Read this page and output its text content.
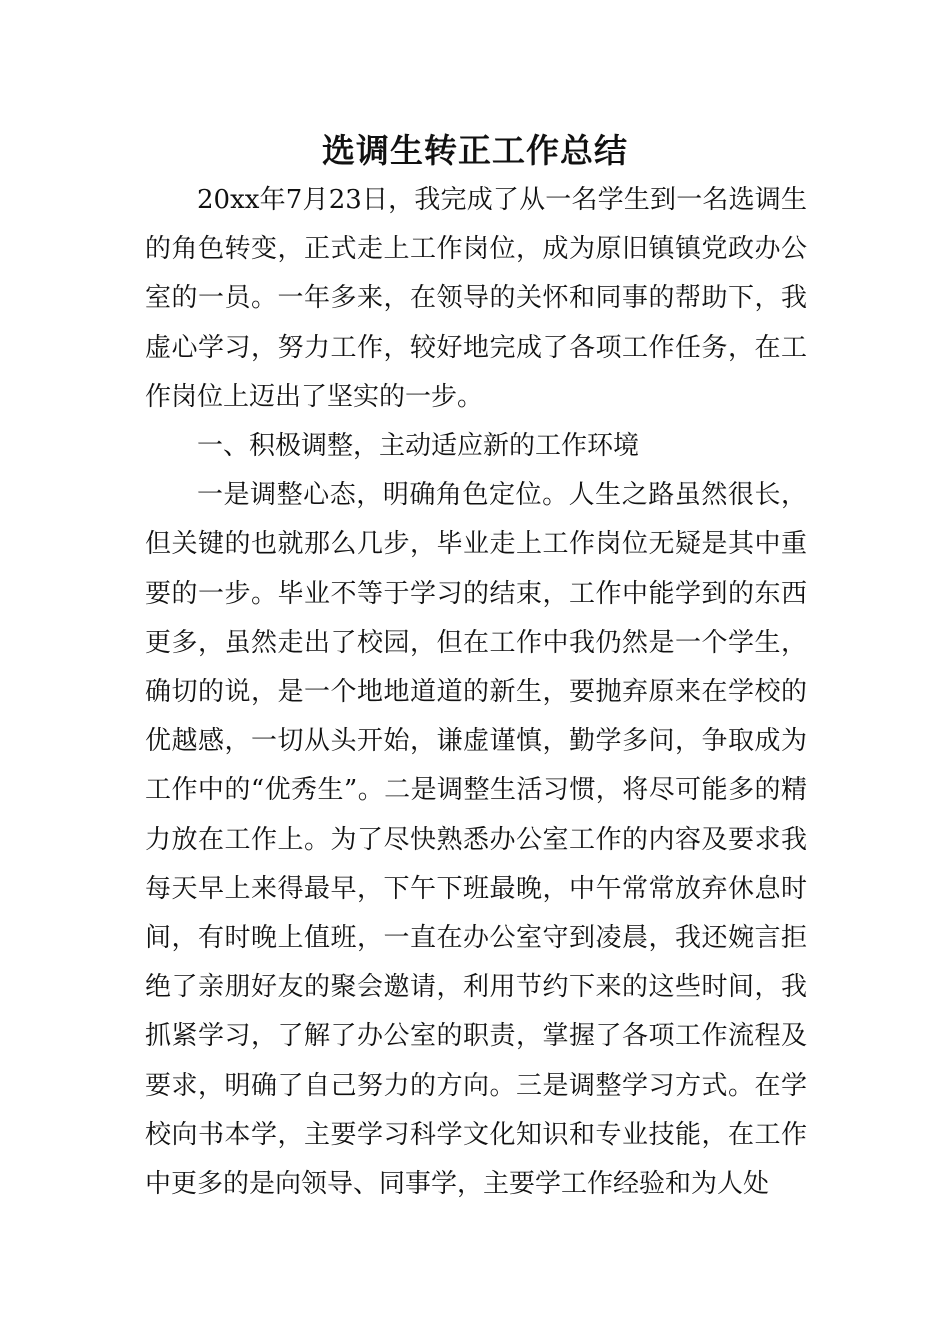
选调生转正工作总结

20xx年7月23日，我完成了从一名学生到一名选调生的角色转变，正式走上工作岗位，成为原旧镇镇党政办公室的一员。一年多来，在领导的关怀和同事的帮助下，我虚心学习，努力工作，较好地完成了各项工作任务，在工作岗位上迈出了坚实的一步。

一、积极调整，主动适应新的工作环境

一是调整心态，明确角色定位。人生之路虽然很长，但关键的也就那么几步，毕业走上工作岗位无疑是其中重要的一步。毕业不等于学习的结束，工作中能学到的东西更多，虽然走出了校园，但在工作中我仍然是一个学生，确切的说，是一个地地道道的新生，要抛弃原来在学校的优越感，一切从头开始，谦虚谨慎，勤学多问，争取成为工作中的“优秀生”。二是调整生活习惯，将尽可能多的精力放在工作上。为了尽快熟悉办公室工作的内容及要求我每天早上来得最早，下午下班最晚，中午常常放弃休息时间，有时晚上值班，一直在办公室守到凌晨，我还婉言拒绝了亲朋好友的聚会邀请，利用节约下来的这些时间，我抓紧学习，了解了办公室的职责，掌握了各项工作流程及要求，明确了自己努力的方向。三是调整学习方式。在学校向书本学，主要学习科学文化知识和专业技能，在工作中更多的是向领导、同事学，主要学工作经验和为人处
